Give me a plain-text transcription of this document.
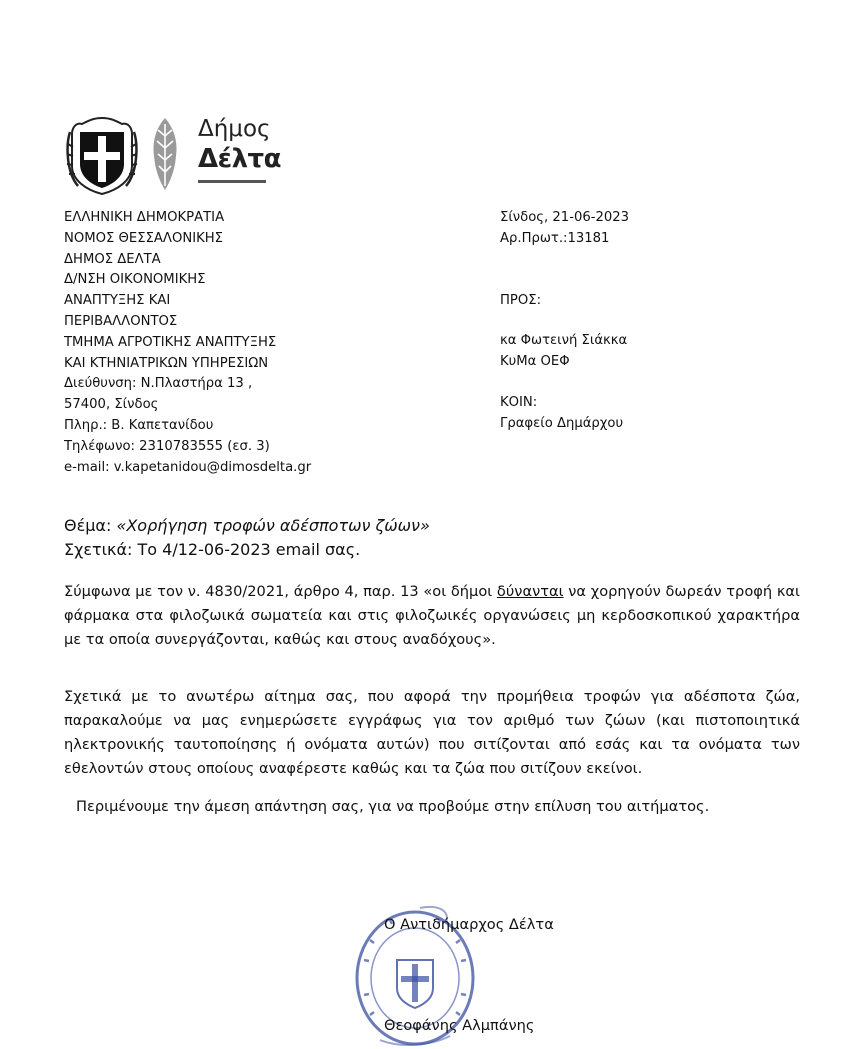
Δήμος
Δέλτα
ΕΛΛΗΝΙΚΗ ΔΗΜΟΚΡΑΤΙΑ
ΝΟΜΟΣ ΘΕΣΣΑΛΟΝΙΚΗΣ
ΔΗΜΟΣ ΔΕΛΤΑ
Δ/ΝΣΗ ΟΙΚΟΝΟΜΙΚΗΣ
ΑΝΑΠΤΥΞΗΣ ΚΑΙ
ΠΕΡΙΒΑΛΛΟΝΤΟΣ
ΤΜΗΜΑ ΑΓΡΟΤΙΚΗΣ ΑΝΑΠΤΥΞΗΣ
ΚΑΙ ΚΤΗΝΙΑΤΡΙΚΩΝ ΥΠΗΡΕΣΙΩΝ
Διεύθυνση: Ν.Πλαστήρα 13 ,
57400, Σίνδος
Πληρ.: Β. Καπετανίδου
Τηλέφωνο: 2310783555 (εσ. 3)
e-mail: v.kapetanidou@dimosdelta.gr
Σίνδος, 21-06-2023
Αρ.Πρωτ.:13181
ΠΡΟΣ:
κα Φωτεινή Σιάκκα
ΚυΜα ΟΕΦ
ΚΟΙΝ:
Γραφείο Δημάρχου
Θέμα: «Χορήγηση τροφών αδέσποτων ζώων»
Σχετικά: Το 4/12-06-2023 email σας.
Σύμφωνα με τον ν. 4830/2021, άρθρο 4, παρ. 13 «οι δήμοι δύνανται να χορηγούν δωρεάν τροφή και φάρμακα στα φιλοζωικά σωματεία και στις φιλοζωικές οργανώσεις μη κερδοσκοπικού χαρακτήρα με τα οποία συνεργάζονται, καθώς και στους αναδόχους».
Σχετικά με το ανωτέρω αίτημα σας, που αφορά την προμήθεια τροφών για αδέσποτα ζώα, παρακαλούμε να μας ενημερώσετε εγγράφως για τον αριθμό των ζώων (και πιστοποιητικά ηλεκτρονικής ταυτοποίησης ή ονόματα αυτών) που σιτίζονται από εσάς και τα ονόματα των εθελοντών στους οποίους αναφέρεστε καθώς και τα ζώα που σιτίζουν εκείνοι.
Περιμένουμε την άμεση απάντηση σας, για να προβούμε στην επίλυση του αιτήματος.
Ο Αντιδήμαρχος Δέλτα
Θεοφάνης Αλμπάνης
